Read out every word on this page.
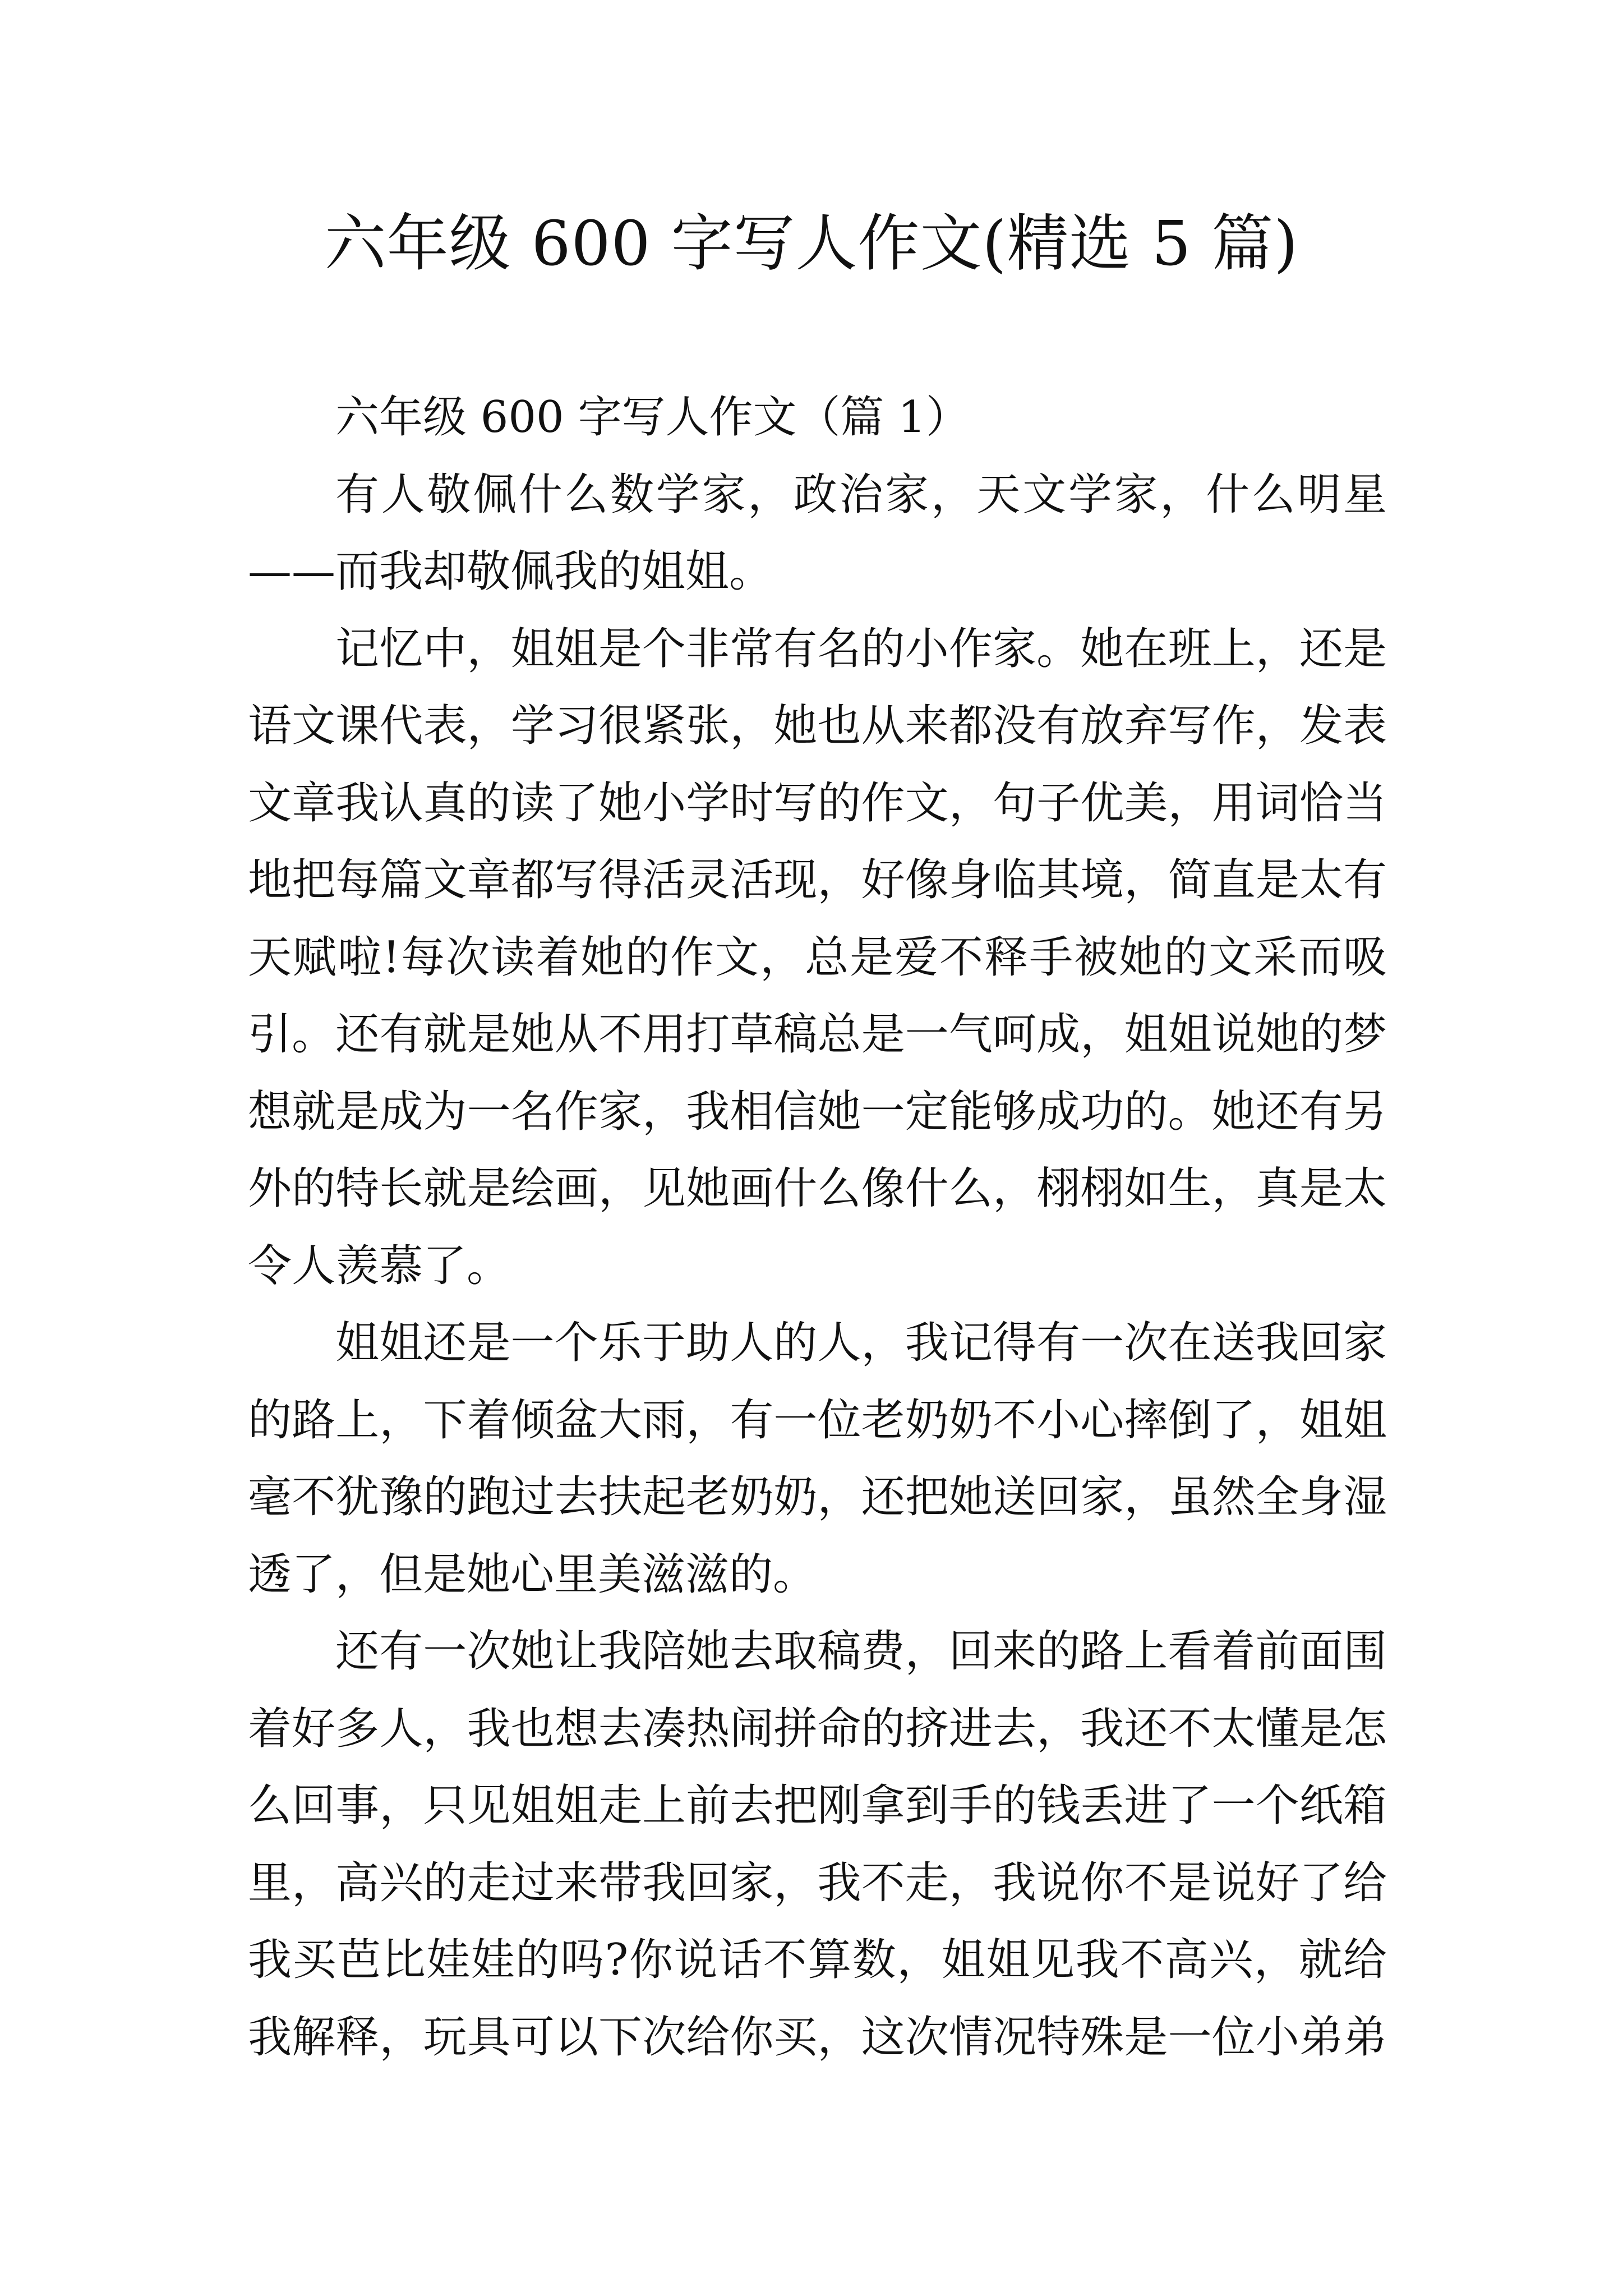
六年级 600 字写人作文(精选 5 篇)
六年级 600 字写人作文（篇 1）
有人敬佩什么数学家，政治家，天文学家，什么明星
——而我却敬佩我的姐姐。
记忆中，姐姐是个非常有名的小作家。她在班上，还是
语文课代表，学习很紧张，她也从来都没有放弃写作，发表
文章我认真的读了她小学时写的作文，句子优美，用词恰当
地把每篇文章都写得活灵活现，好像身临其境，简直是太有
天赋啦!每次读着她的作文，总是爱不释手被她的文采而吸
引。还有就是她从不用打草稿总是一气呵成，姐姐说她的梦
想就是成为一名作家，我相信她一定能够成功的。她还有另
外的特长就是绘画，见她画什么像什么，栩栩如生，真是太
令人羡慕了。
姐姐还是一个乐于助人的人，我记得有一次在送我回家
的路上，下着倾盆大雨，有一位老奶奶不小心摔倒了，姐姐
毫不犹豫的跑过去扶起老奶奶，还把她送回家，虽然全身湿
透了，但是她心里美滋滋的。
还有一次她让我陪她去取稿费，回来的路上看着前面围
着好多人，我也想去凑热闹拼命的挤进去，我还不太懂是怎
么回事，只见姐姐走上前去把刚拿到手的钱丢进了一个纸箱
里，高兴的走过来带我回家，我不走，我说你不是说好了给
我买芭比娃娃的吗?你说话不算数，姐姐见我不高兴，就给
我解释，玩具可以下次给你买，这次情况特殊是一位小弟弟
